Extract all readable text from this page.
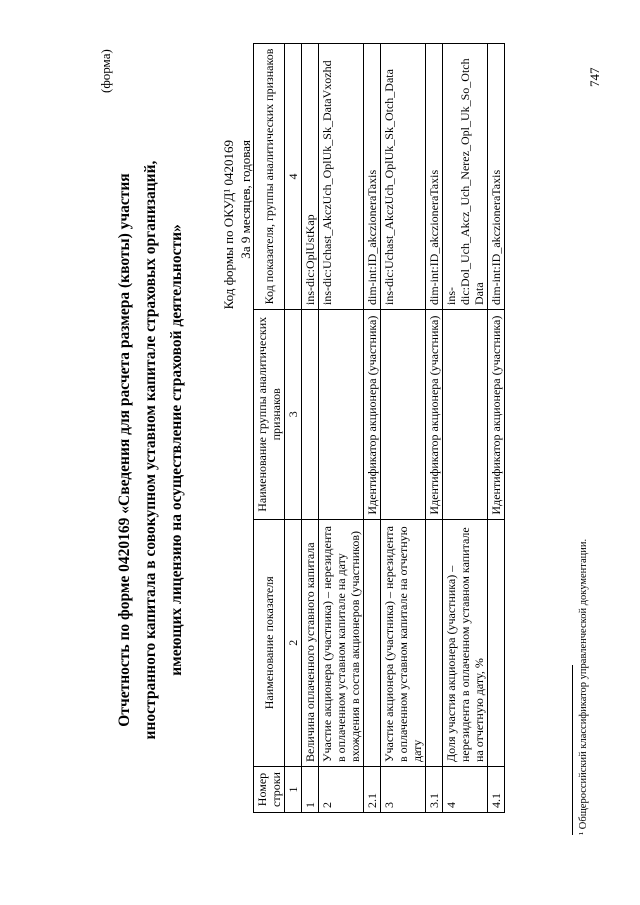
(форма)
Отчетность по форме 0420169 «Сведения для расчета размера (квоты) участия иностранного капитала в совокупном уставном капитале страховых организаций, имеющих лицензию на осуществление страховой деятельности»	Код формы по ОКУД¹ 0420169 За 9 месяцев, годовая
Номер строки	Наименование показателя	Наименование группы аналитических признаков	Код показателя, группы аналитических признаков
1	2	3	4
1	Величина оплаченного уставного капитала		ins-dic:OplUstKap
2	Участие акционера (участника) – нерезидента в оплаченном уставном капитале на дату вхождения в состав акционеров (участников)		ins-dic:Uchast_AkczUch_OplUk_Sk_DataVxozhd
2.1		Идентификатор акционера (участника)	dim-int:ID_akczioneraTaxis
3	Участие акционера (участника) – нерезидента в оплаченном уставном капитале на отчетную дату		ins-dic:Uchast_AkczUch_OplUk_Sk_Otch_Data
3.1		Идентификатор акционера (участника)	dim-int:ID_akczioneraTaxis
4	Доля участия акционера (участника) – нерезидента в оплаченном уставном капитале на отчетную дату, %		ins-dic:Dol_Uch_Akcz_Uch_Nerez_Opl_Uk_So_Otch Data
4.1		Идентификатор акционера (участника)	dim-int:ID_akczioneraTaxis
¹ Общероссийский классификатор управленческой документации.
747
